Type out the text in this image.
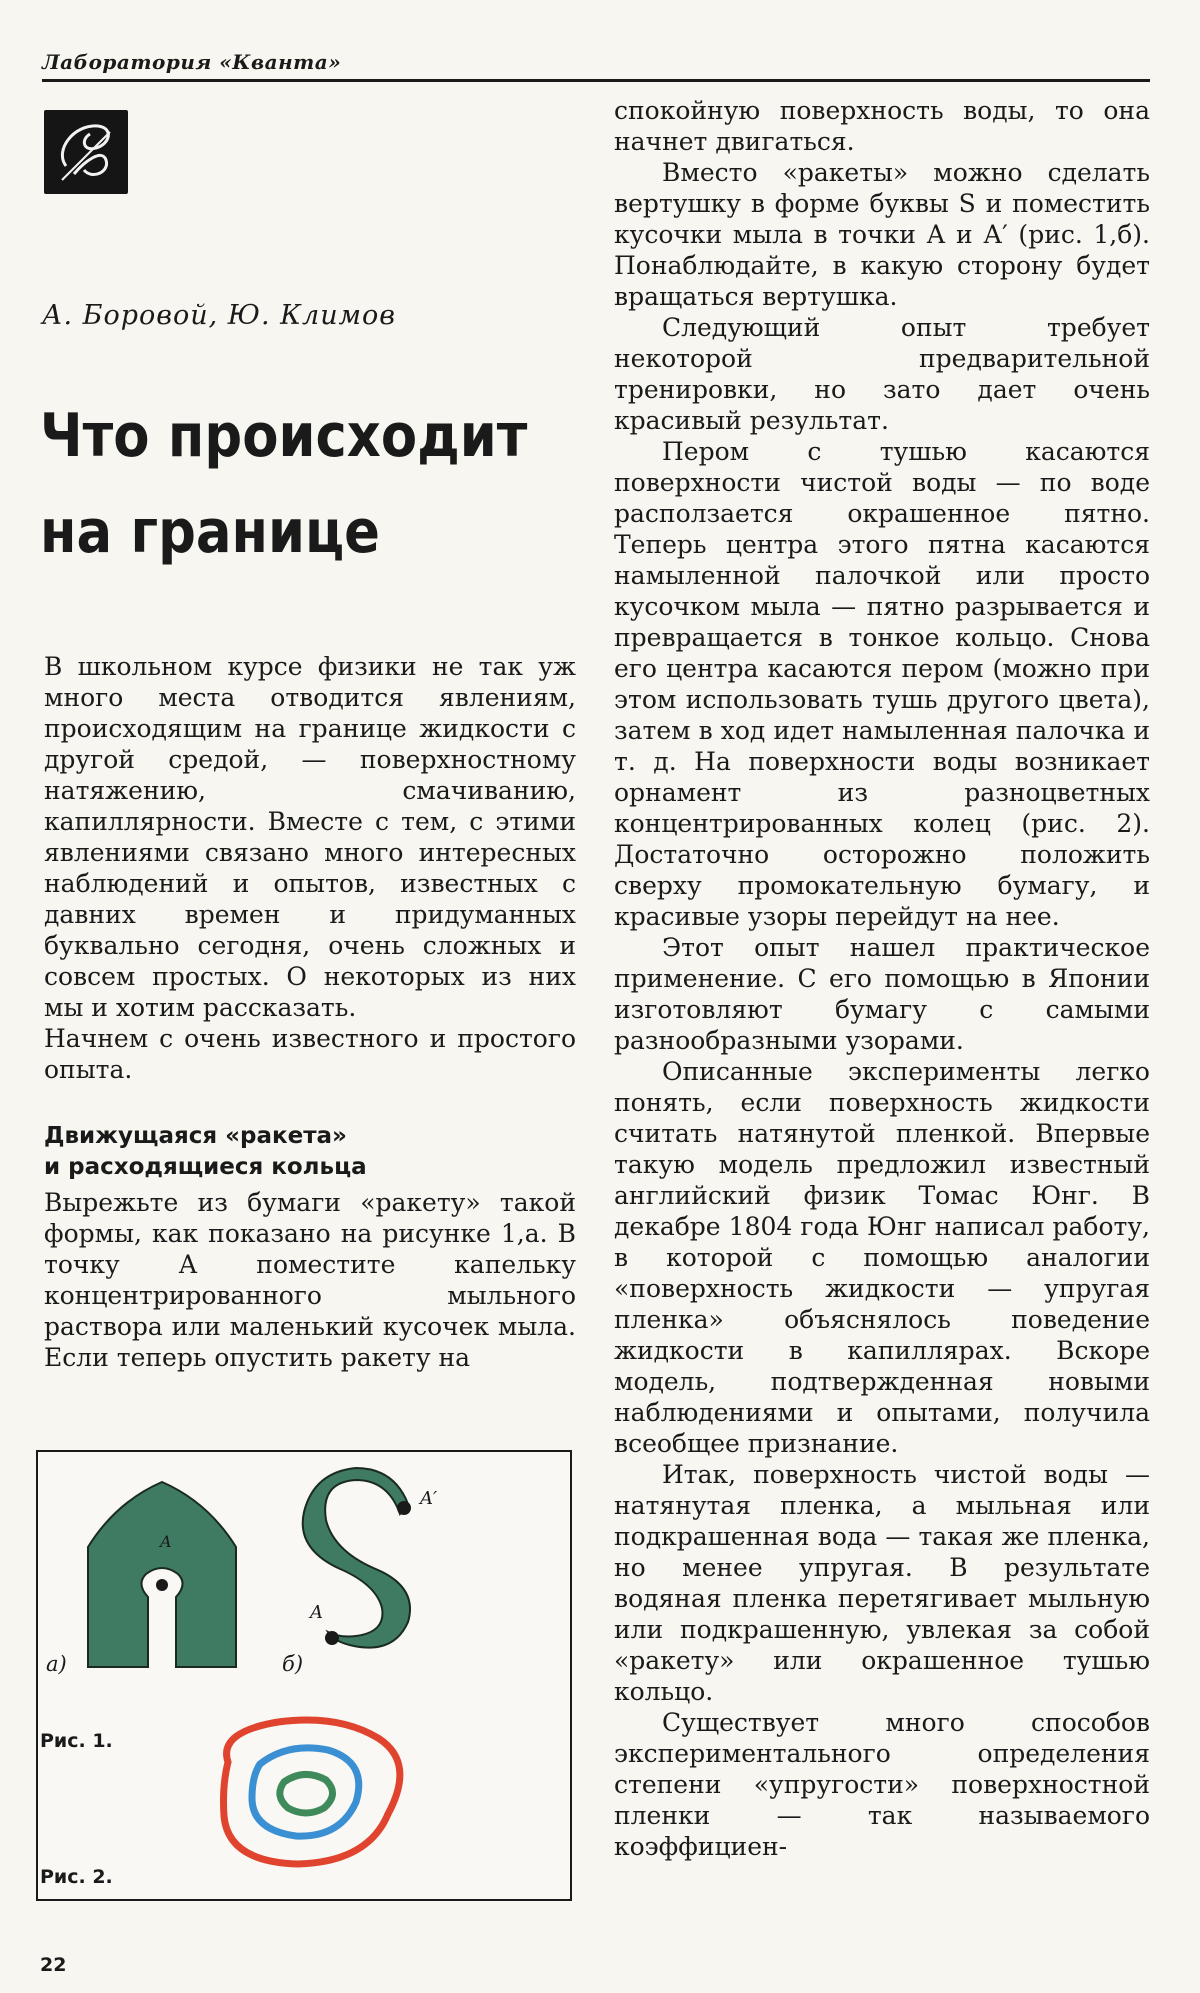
Лаборатория «Кванта»
А. Боровой, Ю. Климов
Что происходит
на границе

В школьном курсе физики не так уж много места отводится явлениям, происходящим на границе жидкости с другой средой, — поверхностному натяжению, смачиванию, капиллярности. Вместе с тем, с этими явлениями связано много интересных наблюдений и опытов, известных с давних времен и придуманных буквально сегодня, очень сложных и совсем простых. О некоторых из них мы и хотим рассказать.

Начнем с очень известного и простого опыта.

Движущаяся «ракета»
и расходящиеся кольца

Вырежьте из бумаги «ракету» такой формы, как показано на рисунке 1,а. В точку А поместите капельку концентрированного мыльного раствора или маленький кусочек мыла. Если теперь опустить ракету на

спокойную поверхность воды, то она начнет двигаться.

Вместо «ракеты» можно сделать вертушку в форме буквы S и поместить кусочки мыла в точки А и А′ (рис. 1,б). Понаблюдайте, в какую сторону будет вращаться вертушка.

Следующий опыт требует некоторой предварительной тренировки, но зато дает очень красивый результат.

Пером с тушью касаются поверхности чистой воды — по воде расползается окрашенное пятно. Теперь центра этого пятна касаются намыленной палочкой или просто кусочком мыла — пятно разрывается и превращается в тонкое кольцо. Снова его центра касаются пером (можно при этом использовать тушь другого цвета), затем в ход идет намыленная палочка и т. д. На поверхности воды возникает орнамент из разноцветных концентрированных колец (рис. 2). Достаточно осторожно положить сверху промокательную бумагу, и красивые узоры перейдут на нее.

Этот опыт нашел практическое применение. С его помощью в Японии изготовляют бумагу с самыми разнообразными узорами.

Описанные эксперименты легко понять, если поверхность жидкости считать натянутой пленкой. Впервые такую модель предложил известный английский физик Томас Юнг. В декабре 1804 года Юнг написал работу, в которой с помощью аналогии «поверхность жидкости — упругая пленка» объяснялось поведение жидкости в капиллярах. Вскоре модель, подтвержденная новыми наблюдениями и опытами, получила всеобщее признание.

Итак, поверхность чистой воды — натянутая пленка, а мыльная или подкрашенная вода — такая же пленка, но менее упругая. В результате водяная пленка перетягивает мыльную или подкрашенную, увлекая за собой «ракету» или окрашенное тушью кольцо.

Существует много способов экспериментального определения степени «упругости» поверхностной пленки — так называемого коэффициен-

A
A′
A
а)	б)
Рис. 1.
Рис. 2.
22
